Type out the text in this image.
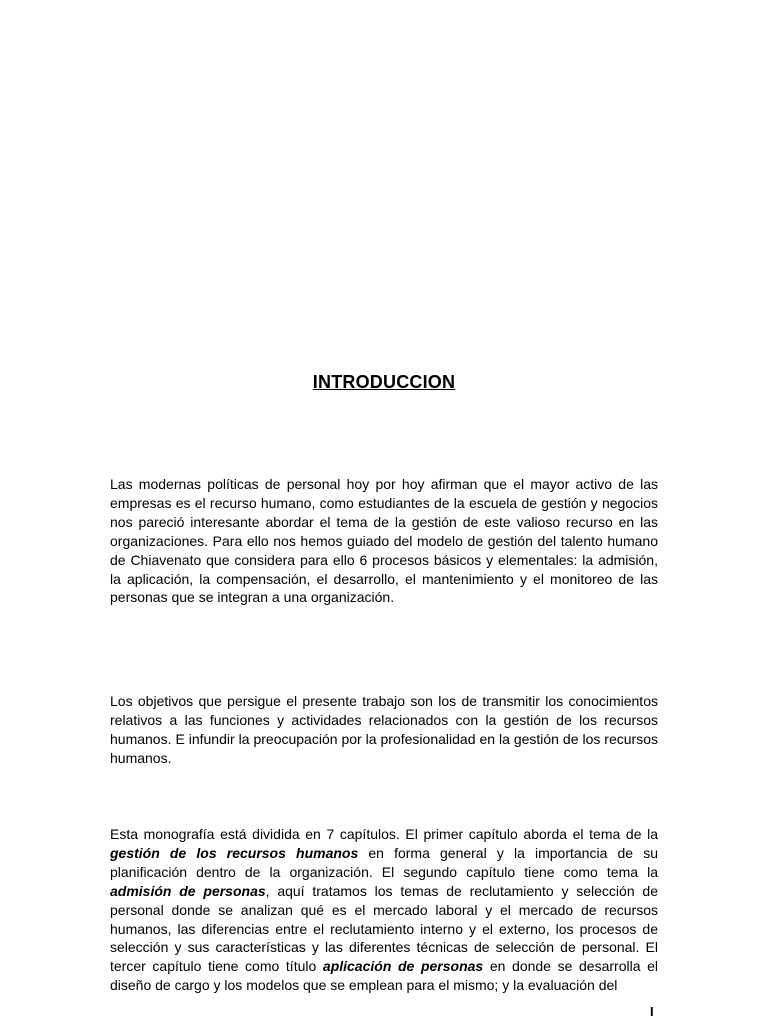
INTRODUCCION

Las modernas políticas de personal hoy por hoy afirman que el mayor activo de las empresas es el recurso humano, como estudiantes de la escuela de gestión y negocios nos pareció interesante abordar el tema de la gestión de este valioso recurso en las organizaciones. Para ello nos hemos guiado del modelo de gestión del talento humano de Chiavenato que considera para ello 6 procesos básicos y elementales: la admisión, la aplicación, la compensación, el desarrollo, el mantenimiento y el monitoreo de las personas que se integran a una organización.

Los objetivos que persigue el presente trabajo son los de transmitir los conocimientos relativos a las funciones y actividades relacionados con la gestión de los recursos humanos. E infundir la preocupación por la profesionalidad en la gestión de los recursos humanos.

Esta monografía está dividida en 7 capítulos. El primer capítulo aborda el tema de la gestión de los recursos humanos en forma general y la importancia de su planificación dentro de la organización. El segundo capítulo tiene como tema la admisión de personas, aquí tratamos los temas de reclutamiento y selección de personal donde se analizan qué es el mercado laboral y el mercado de recursos humanos, las diferencias entre el reclutamiento interno y el externo, los procesos de selección y sus características y las diferentes técnicas de selección de personal. El tercer capítulo tiene como título aplicación de personas en donde se desarrolla el diseño de cargo y los modelos que se emplean para el mismo; y la evaluación del

I
